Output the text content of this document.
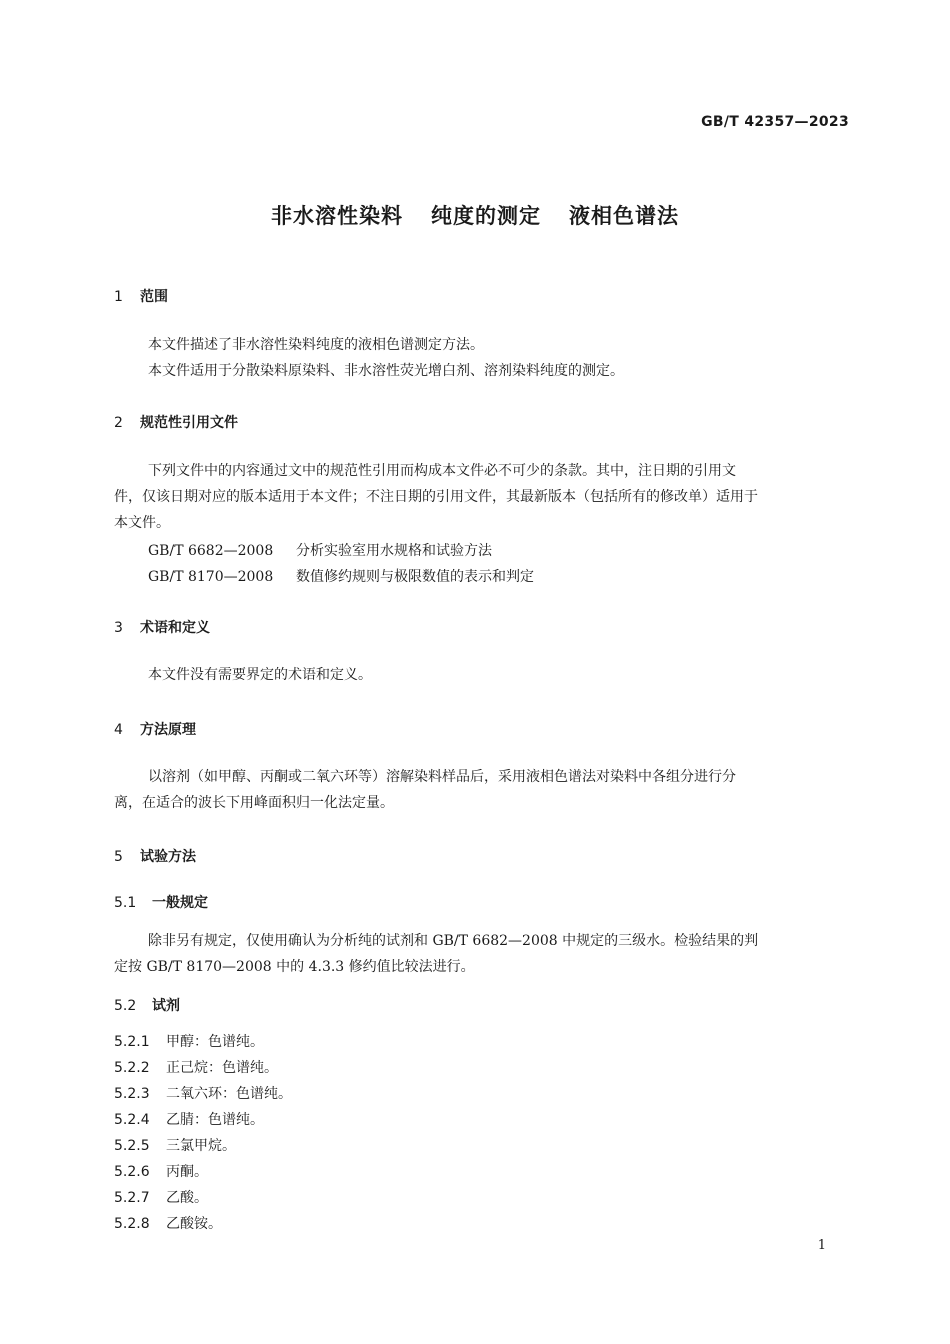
GB/T 42357—2023
非水溶性染料 纯度的测定 液相色谱法
1 范围
本文件描述了非水溶性染料纯度的液相色谱测定方法。
本文件适用于分散染料原染料、非水溶性荧光增白剂、溶剂染料纯度的测定。
2 规范性引用文件
下列文件中的内容通过文中的规范性引用而构成本文件必不可少的条款。其中，注日期的引用文
件，仅该日期对应的版本适用于本文件；不注日期的引用文件，其最新版本（包括所有的修改单）适用于
本文件。
GB/T 6682—2008 分析实验室用水规格和试验方法
GB/T 8170—2008 数值修约规则与极限数值的表示和判定
3 术语和定义
本文件没有需要界定的术语和定义。
4 方法原理
以溶剂（如甲醇、丙酮或二氧六环等）溶解染料样品后，采用液相色谱法对染料中各组分进行分
离，在适合的波长下用峰面积归一化法定量。
5 试验方法
5.1 一般规定
除非另有规定，仅使用确认为分析纯的试剂和 GB/T 6682—2008 中规定的三级水。检验结果的判
定按 GB/T 8170—2008 中的 4.3.3 修约值比较法进行。
5.2 试剂
5.2.1 甲醇：色谱纯。
5.2.2 正己烷：色谱纯。
5.2.3 二氧六环：色谱纯。
5.2.4 乙腈：色谱纯。
5.2.5 三氯甲烷。
5.2.6 丙酮。
5.2.7 乙酸。
5.2.8 乙酸铵。
1
